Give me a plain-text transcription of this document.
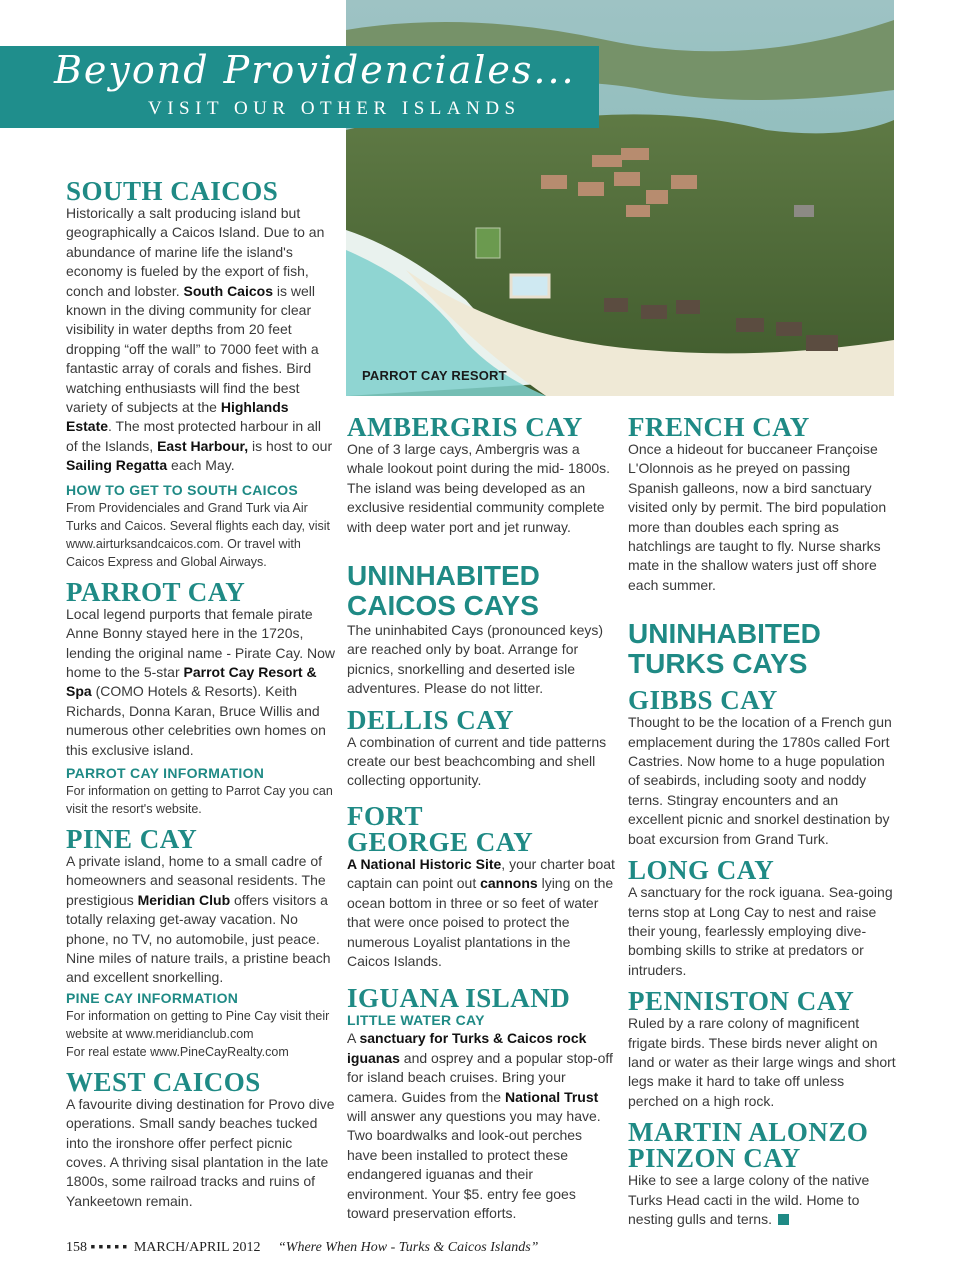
PARROT CAY RESORT
Beyond Providenciales...
VISIT OUR OTHER ISLANDS
SOUTH CAICOS

Historically a salt producing island but geographically a Caicos Island. Due to an abundance of marine life the island's economy is fueled by the export of fish, conch and lobster. South Caicos is well known in the diving community for clear visibility in water depths from 20 feet dropping “off the wall” to 7000 feet with a fantastic array of corals and fishes. Bird watching enthusiasts will find the best variety of subjects at the Highlands Estate. The most protected harbour in all of the Islands, East Harbour, is host to our Sailing Regatta each May.

HOW TO GET TO SOUTH CAICOS

From Providenciales and Grand Turk via Air Turks and Caicos. Several flights each day, visit www.airturksandcaicos.com. Or travel with Caicos Express and Global Airways.

PARROT CAY

Local legend purports that female pirate Anne Bonny stayed here in the 1720s, lending the original name - Pirate Cay. Now home to the 5-star Parrot Cay Resort & Spa (COMO Hotels & Resorts). Keith Richards, Donna Karan, Bruce Willis and numerous other celebrities own homes on this exclusive island.

PARROT CAY INFORMATION

For information on getting to Parrot Cay you can visit the resort's website.

PINE CAY

A private island, home to a small cadre of homeowners and seasonal residents. The prestigious Meridian Club offers visitors a totally relaxing get-away vacation. No phone, no TV, no automobile, just peace. Nine miles of nature trails, a pristine beach and excellent snorkelling.

PINE CAY INFORMATION

For information on getting to Pine Cay visit their website at www.meridianclub.com

For real estate www.PineCayRealty.com

WEST CAICOS

A favourite diving destination for Provo dive operations. Small sandy beaches tucked into the ironshore offer perfect picnic coves. A thriving sisal plantation in the late 1800s, some railroad tracks and ruins of Yankeetown remain.

AMBERGRIS CAY

One of 3 large cays, Ambergris was a whale lookout point during the mid- 1800s. The island was being developed as an exclusive residential community complete with deep water port and jet runway.

UNINHABITED
CAICOS CAYS

The uninhabited Cays (pronounced keys) are reached only by boat. Arrange for picnics, snorkelling and deserted isle adventures. Please do not litter.

DELLIS CAY

A combination of current and tide patterns create our best beachcombing and shell collecting opportunity.

FORT
GEORGE CAY

A National Historic Site, your charter boat captain can point out cannons lying on the ocean bottom in three or so feet of water that were once poised to protect the numerous Loyalist plantations in the Caicos Islands.

IGUANA ISLAND
LITTLE WATER CAY

A sanctuary for Turks & Caicos rock iguanas and osprey and a popular stop-off for island beach cruises. Bring your camera. Guides from the National Trust will answer any questions you may have. Two boardwalks and look-out perches have been installed to protect these endangered iguanas and their environment. Your $5. entry fee goes toward preservation efforts.

FRENCH CAY

Once a hideout for buccaneer Françoise L'Olonnois as he preyed on passing Spanish galleons, now a bird sanctuary visited only by permit. The bird population more than doubles each spring as hatchlings are taught to fly. Nurse sharks mate in the shallow waters just off shore each summer.

UNINHABITED
TURKS CAYS
GIBBS CAY

Thought to be the location of a French gun emplacement during the 1780s called Fort Castries. Now home to a huge population of seabirds, including sooty and noddy terns. Stingray encounters and an excellent picnic and snorkel destination by boat excursion from Grand Turk.

LONG CAY

A sanctuary for the rock iguana. Sea-going terns stop at Long Cay to nest and raise their young, fearlessly employing dive-bombing skills to strike at predators or intruders.

PENNISTON CAY

Ruled by a rare colony of magnificent frigate birds. These birds never alight on land or water as their large wings and short legs make it hard to take off unless perched on a high rock.

MARTIN ALONZO
PINZON CAY

Hike to see a large colony of the native Turks Head cacti in the wild. Home to nesting gulls and terns.

158 ▪▪▪▪▪ MARCH/APRIL 2012 “Where When How - Turks & Caicos Islands”
